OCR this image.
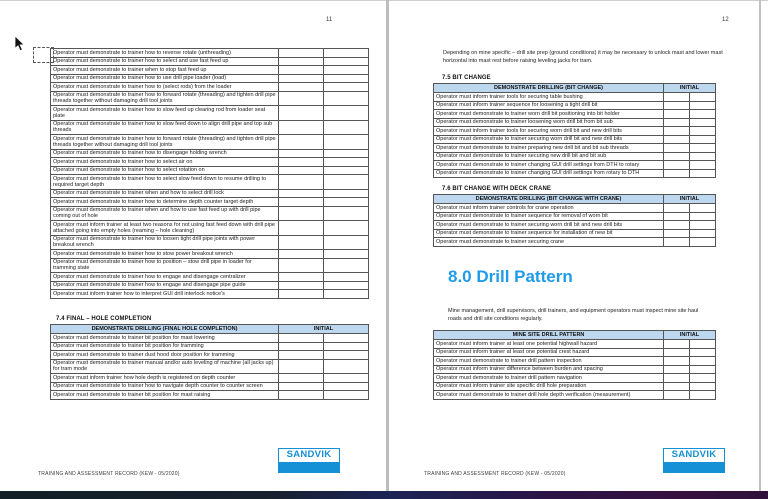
11
Operator must demonstrate to trainer how to reverse rotate (unthreading)		
Operator must demonstrate to trainer how to select and use fast feed up		
Operator must demonstrate to trainer when to stop fast feed up		
Operator must demonstrate to trainer how to use drill pipe loader (load)		
Operator must demonstrate to trainer how to (select rods) from the loader		
Operator must demonstrate to trainer how to forward rotate (threading) and tighten drill pipe threads together without damaging drill tool joints		
Operator must demonstrate to trainer how to slow feed up clearing rod from loader seat plate		
Operator must demonstrate to trainer how to slow feed down to align drill pipe and top sub threads		
Operator must demonstrate to trainer how to forward rotate (threading) and tighten drill pipe threads together without damaging drill tool joints		
Operator must demonstrate to trainer how to disengage holding wrench		
Operator must demonstrate to trainer how to select air on		
Operator must demonstrate to trainer how to select rotation on		
Operator must demonstrate to trainer how to select slow feed down to resume drilling to required target depth		
Operator must demonstrate to trainer when and how to select drill lock		
Operator must demonstrate to trainer how to determine depth counter target depth		
Operator must demonstrate to trainer when and how to use fast feed up with drill pipe coming out of hole		
Operator must inform trainer at least two reasons for not using fast feed down with drill pipe attached going into empty holes (reaming – hole cleaning)		
Operator must demonstrate to trainer how to loosen tight drill pipe joints with power breakout wrench		
Operator must demonstrate to trainer how to stow power breakout wrench		
Operator must demonstrate to trainer how to position – stow drill pipe in loader for tramming state		
Operator must demonstrate to trainer how to engage and disengage centralizer		
Operator must demonstrate to trainer how to engage and disengage pipe guide		
Operator must inform trainer how to interpret GUI drill interlock notice's		
7.4 FINAL – HOLE COMPLETION
DEMONSTRATE DRILLING (FINAL HOLE COMPLETION)	INITIAL	
Operator must demonstrate to trainer bit position for mast lowering		
Operator must demonstrate to trainer bit position for tramming		
Operator must demonstrate to trainer dust hood door position for tramming		
Operator must demonstrate to trainer manual and/or auto leveling of machine (all jacks up) for tram mode		
Operator must inform trainer how hole depth is registered on depth counter		
Operator must demonstrate to trainer how to navigate depth counter to counter screen		
Operator must demonstrate to trainer bit position for mast raising		
SANDVIK
TRAINING AND ASSESSMENT RECORD (KEW - 05/2020)
12
Depending on mine specific – drill site prep (ground conditions) it may be necessary to unlock mast and lower mast horizontal into mast rest before raising leveling jacks for tram.
7.5 BIT CHANGE
DEMONSTRATE DRILLING (BIT CHANGE)	INITIAL	
Operator must inform trainer tools for securing table bushing		
Operator must inform trainer sequence for loosening a tight drill bit		
Operator must demonstrate to trainer worn drill bit positioning into bit holder		
Operator must demonstrate to trainer loosening worn drill bit from bit sub		
Operator must inform trainer tools for securing worn drill bit and new drill bits		
Operator must demonstrate to trainer securing worn drill bit and new drill bits		
Operator must demonstrate to trainer preparing new drill bit and bit sub threads		
Operator must demonstrate to trainer securing new drill bit and bit sub		
Operator must demonstrate to trainer changing GUI drill settings from DTH to rotary		
Operator must demonstrate to trainer changing GUI drill settings from rotary to DTH		
7.6 BIT CHANGE WITH DECK CRANE
DEMONSTRATE DRILLING (BIT CHANGE WITH CRANE)	INITIAL	
Operator must inform trainer controls for crane operation		
Operator must demonstrate to trainer sequence for removal of worn bit		
Operator must demonstrate to trainer securing worn drill bit and new drill bits		
Operator must demonstrate to trainer sequence for installation of new bit		
Operator must demonstrate to trainer securing crane		
8.0 Drill Pattern
Mine management, drill supervisors, drill trainers, and equipment operators must inspect mine site haul roads and drill site conditions regularly.
MINE SITE DRILL PATTERN	INITIAL	
Operator must inform trainer at least one potential highwall hazard		
Operator must inform trainer at least one potential crest hazard		
Operator must demonstrate to trainer drill pattern inspection		
Operator must inform trainer difference between burden and spacing		
Operator must demonstrate to trainer drill pattern navigation		
Operator must inform trainer site specific drill hole preparation		
Operator must demonstrate to trainer drill hole depth verification (measurement)		
SANDVIK
TRAINING AND ASSESSMENT RECORD (KEW - 05/2020)
